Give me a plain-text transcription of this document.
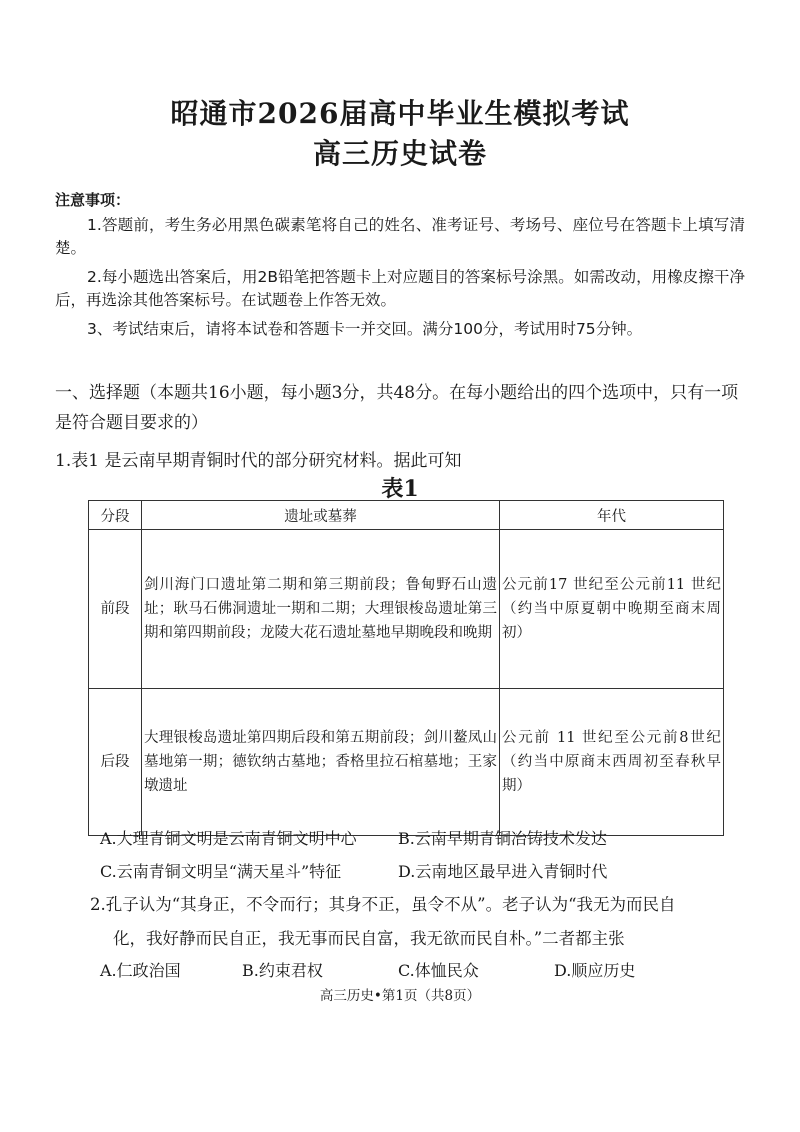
昭通市2026届高中毕业生模拟考试
高三历史试卷
注意事项：

1.答题前，考生务必用黑色碳素笔将自己的姓名、准考证号、考场号、座位号在答题卡上填写清楚。

2.每小题选出答案后，用2B铅笔把答题卡上对应题目的答案标号涂黑。如需改动，用橡皮擦干净后，再选涂其他答案标号。在试题卷上作答无效。

3、考试结束后，请将本试卷和答题卡一并交回。满分100分，考试用时75分钟。

一、选择题（本题共16小题，每小题3分，共48分。在每小题给出的四个选项中，只有一项是符合题目要求的）
1.表1 是云南早期青铜时代的部分研究材料。据此可知
表1
分段	遗址或墓葬	年代
前段	剑川海门口遗址第二期和第三期前段；鲁甸野石山遗址；耿马石佛洞遗址一期和二期；大理银梭岛遗址第三期和第四期前段；龙陵大花石遗址墓地早期晚段和晚期	公元前17 世纪至公元前11 世纪（约当中原夏朝中晚期至商末周初）
后段	大理银梭岛遗址第四期后段和第五期前段；剑川鳌凤山墓地第一期；德钦纳古墓地；香格里拉石棺墓地；王家墩遗址	公元前 11 世纪至公元前8世纪（约当中原商末西周初至春秋早期）
A.大理青铜文明是云南青铜文明中心	B.云南早期青铜冶铸技术发达
C.云南青铜文明呈“满天星斗”特征	D.云南地区最早进入青铜时代
2.孔子认为“其身正，不令而行；其身不正，虽令不从”。老子认为“我无为而民自
化，我好静而民自正，我无事而民自富，我无欲而民自朴。”二者都主张
A.仁政治国	B.约束君权	C.体恤民众	D.顺应历史
高三历史•第1页（共8页）
